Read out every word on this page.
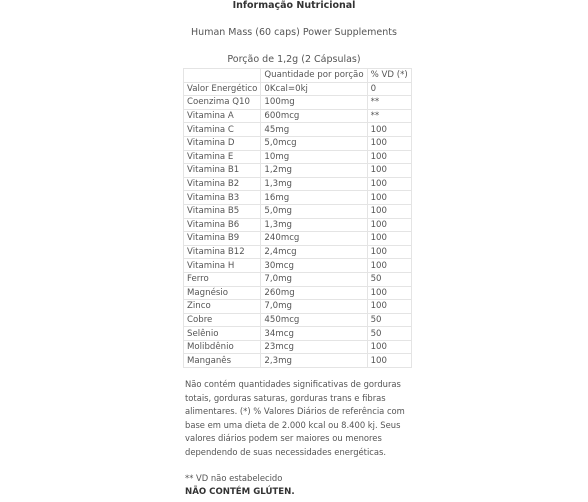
Informação Nutricional
Human Mass (60 caps) Power Supplements
Porção de 1,2g (2 Cápsulas)
	Quantidade por porção	% VD (*)
Valor Energético	0Kcal=0kj	0
Coenzima Q10	100mg	**
Vitamina A	600mcg	**
Vitamina C	45mg	100
Vitamina D	5,0mcg	100
Vitamina E	10mg	100
Vitamina B1	1,2mg	100
Vitamina B2	1,3mg	100
Vitamina B3	16mg	100
Vitamina B5	5,0mg	100
Vitamina B6	1,3mg	100
Vitamina B9	240mcg	100
Vitamina B12	2,4mcg	100
Vitamina H	30mcg	100
Ferro	7,0mg	50
Magnésio	260mg	100
Zinco	7,0mg	100
Cobre	450mcg	50
Selênio	34mcg	50
Molibdênio	23mcg	100
Manganês	2,3mg	100

Não contém quantidades significativas de gorduras totais, gorduras saturas, gorduras trans e fibras alimentares. (*) % Valores Diários de referência com base em uma dieta de 2.000 kcal ou 8.400 kj. Seus valores diários podem ser maiores ou menores dependendo de suas necessidades energéticas.

** VD não estabelecido
NÃO CONTÉM GLÚTEN.
